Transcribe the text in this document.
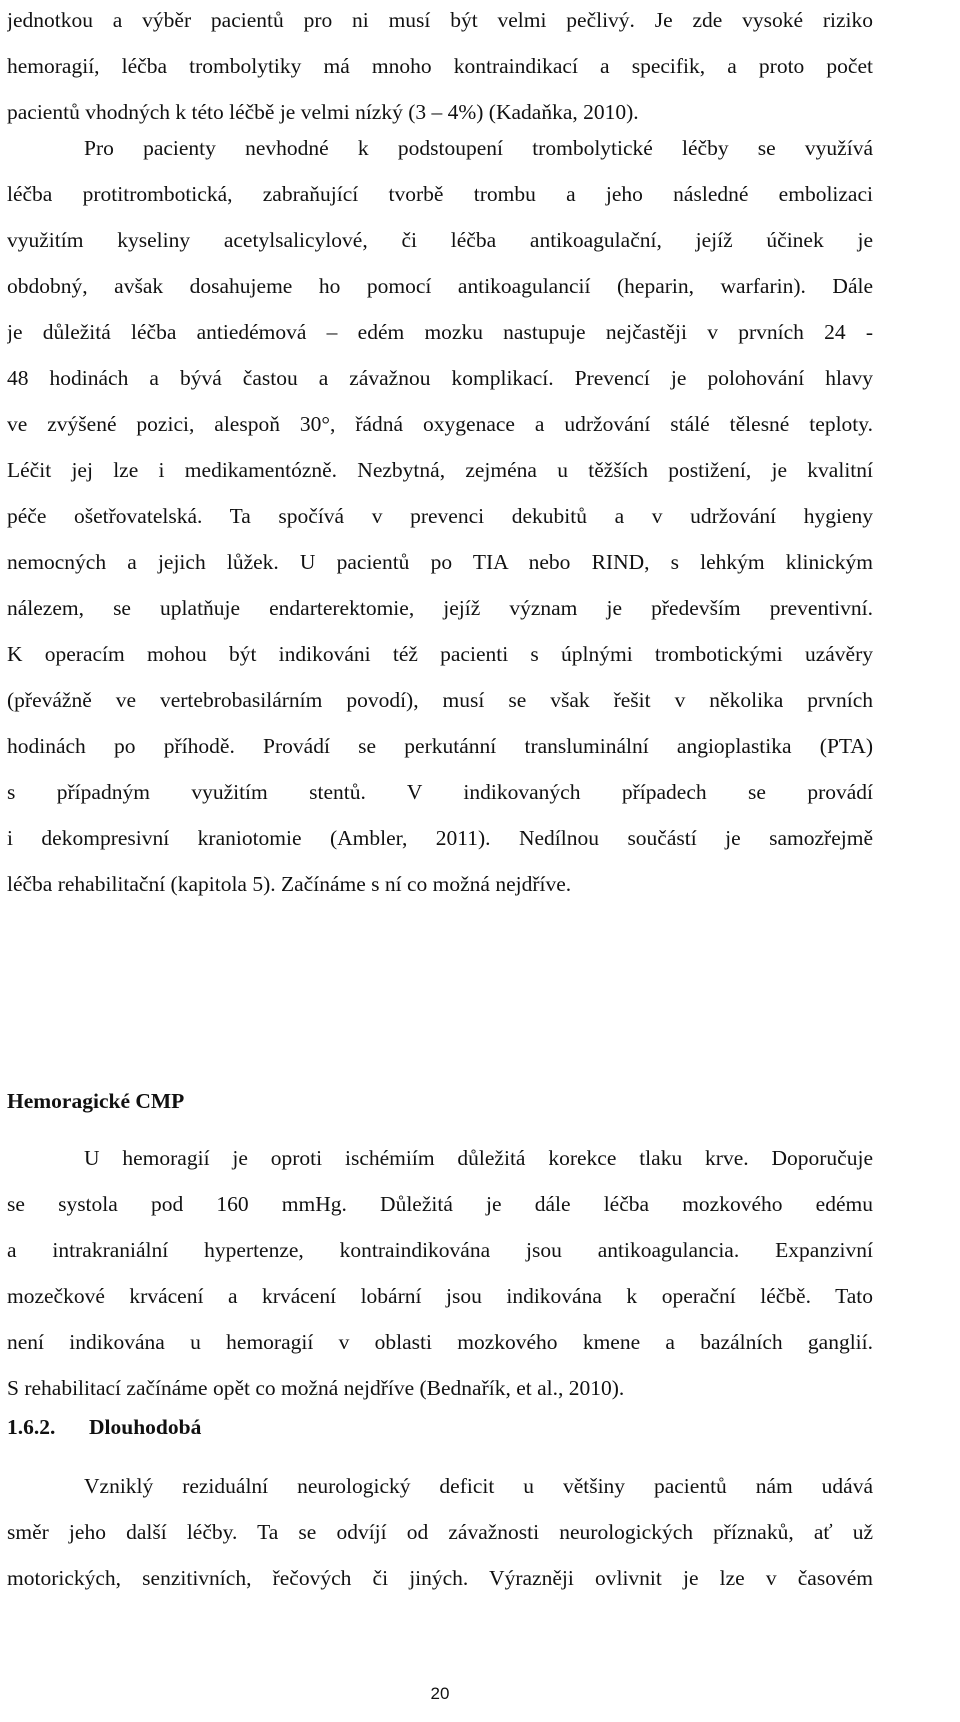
jednotkou a výběr pacientů pro ni musí být velmi pečlivý. Je zde vysoké riziko
hemoragií, léčba trombolytiky má mnoho kontraindikací a specifik, a proto počet
pacientů vhodných k této léčbě je velmi nízký (3 – 4%) (Kadaňka, 2010).
Pro pacienty nevhodné k podstoupení trombolytické léčby se využívá
léčba protitrombotická, zabraňující tvorbě trombu a jeho následné embolizaci
využitím kyseliny acetylsalicylové, či léčba antikoagulační, jejíž účinek je
obdobný, avšak dosahujeme ho pomocí antikoagulancií (heparin, warfarin). Dále
je důležitá léčba antiedémová – edém mozku nastupuje nejčastěji v prvních 24 -
48 hodinách a bývá častou a závažnou komplikací. Prevencí je polohování hlavy
ve zvýšené pozici, alespoň 30°, řádná oxygenace a udržování stálé tělesné teploty.
Léčit jej lze i medikamentózně. Nezbytná, zejména u těžších postižení, je kvalitní
péče ošetřovatelská. Ta spočívá v prevenci dekubitů a v udržování hygieny
nemocných a jejich lůžek. U pacientů po TIA nebo RIND, s lehkým klinickým
nálezem, se uplatňuje endarterektomie, jejíž význam je především preventivní.
K operacím mohou být indikováni též pacienti s úplnými trombotickými uzávěry
(převážně ve vertebrobasilárním povodí), musí se však řešit v několika prvních
hodinách po příhodě. Provádí se perkutánní transluminální angioplastika (PTA)
s případným využitím stentů. V indikovaných případech se provádí
i dekompresivní kraniotomie (Ambler, 2011). Nedílnou součástí je samozřejmě
léčba rehabilitační (kapitola 5). Začínáme s ní co možná nejdříve.
Hemoragické CMP
U hemoragií je oproti ischémiím důležitá korekce tlaku krve. Doporučuje
se systola pod 160 mmHg. Důležitá je dále léčba mozkového edému
a intrakraniální hypertenze, kontraindikována jsou antikoagulancia. Expanzivní
mozečkové krvácení a krvácení lobární jsou indikována k operační léčbě. Tato
není indikována u hemoragií v oblasti mozkového kmene a bazálních ganglií.
S rehabilitací začínáme opět co možná nejdříve (Bednařík, et al., 2010).
1.6.2. Dlouhodobá
Vzniklý reziduální neurologický deficit u většiny pacientů nám udává
směr jeho další léčby. Ta se odvíjí od závažnosti neurologických příznaků, ať už
motorických, senzitivních, řečových či jiných. Výrazněji ovlivnit je lze v časovém
20
